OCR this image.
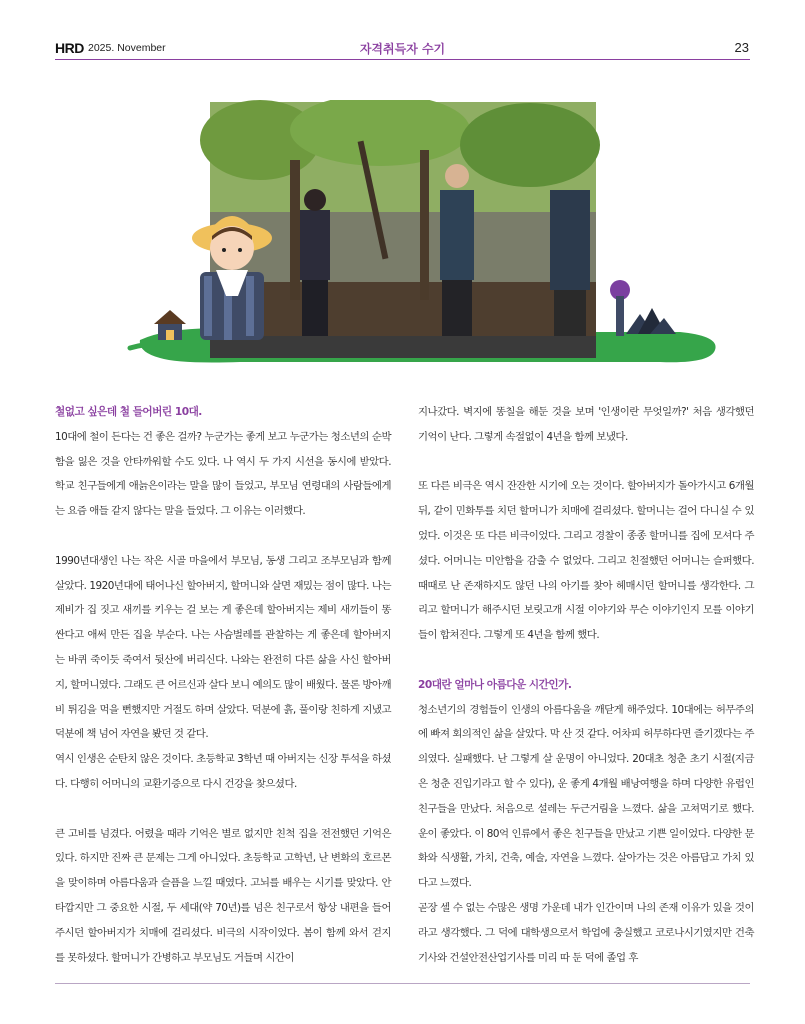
HRD 2025. November	자격취득자 수기	23
철없고 싶은데 철 들어버린 10대.

10대에 철이 든다는 건 좋은 걸까? 누군가는 좋게 보고 누군가는 청소년의 순박함을 잃은 것을 안타까워할 수도 있다. 나 역시 두 가지 시선을 동시에 받았다. 학교 친구들에게 애늙은이라는 말을 많이 들었고, 부모님 연령대의 사람들에게는 요즘 애들 같지 않다는 말을 들었다. 그 이유는 이러했다.

1990년대생인 나는 작은 시골 마을에서 부모님, 동생 그리고 조부모님과 함께 살았다. 1920년대에 태어나신 할아버지, 할머니와 살면 재밌는 점이 많다. 나는 제비가 집 짓고 새끼를 키우는 걸 보는 게 좋은데 할아버지는 제비 새끼들이 똥 싼다고 애써 만든 집을 부순다. 나는 사슴벌레를 관찰하는 게 좋은데 할아버지는 바퀴 죽이듯 죽여서 뒷산에 버리신다. 나와는 완전히 다른 삶을 사신 할아버지, 할머니였다. 그래도 큰 어르신과 살다 보니 예의도 많이 배웠다. 물론 방아깨비 튀김을 먹을 뻔했지만 거절도 하며 살았다. 덕분에 흙, 풀이랑 친하게 지냈고 덕분에 책 넘어 자연을 봤던 것 같다.

역시 인생은 순탄치 않은 것이다. 초등학교 3학년 때 아버지는 신장 투석을 하셨다. 다행히 어머니의 교환기증으로 다시 건강을 찾으셨다.

큰 고비를 넘겼다. 어렸을 때라 기억은 별로 없지만 친척 집을 전전했던 기억은 있다. 하지만 진짜 큰 문제는 그게 아니었다. 초등학교 고학년, 난 변화의 호르몬을 맞이하며 아름다움과 슬픔을 느낄 때였다. 고뇌를 배우는 시기를 맞았다. 안타깝지만 그 중요한 시절, 두 세대(약 70년)를 넘은 친구로서 항상 내편을 들어주시던 할아버지가 치매에 걸리셨다. 비극의 시작이었다. 봄이 함께 와서 걷지를 못하셨다. 할머니가 간병하고 부모님도 거들며 시간이

지나갔다. 벽지에 똥칠을 해둔 것을 보며 '인생이란 무엇일까?' 처음 생각했던 기억이 난다. 그렇게 속절없이 4년을 함께 보냈다.

또 다른 비극은 역시 잔잔한 시기에 오는 것이다. 할아버지가 돌아가시고 6개월 뒤, 같이 민화투를 치던 할머니가 치매에 걸리셨다. 할머니는 걸어 다니실 수 있었다. 이것은 또 다른 비극이었다. 그리고 경찰이 종종 할머니를 집에 모셔다 주셨다. 어머니는 미안함을 감출 수 없었다. 그리고 친절했던 어머니는 슬퍼했다. 때때로 난 존재하지도 않던 나의 아기를 찾아 헤매시던 할머니를 생각한다. 그리고 할머니가 해주시던 보릿고개 시절 이야기와 무슨 이야기인지 모를 이야기들이 합쳐진다. 그렇게 또 4년을 함께 했다.

20대란 얼마나 아름다운 시간인가.

청소년기의 경험들이 인생의 아름다움을 깨닫게 해주었다. 10대에는 허무주의에 빠져 회의적인 삶을 살았다. 막 산 것 같다. 어차피 허무하다면 즐기겠다는 주의였다. 실패했다. 난 그렇게 살 운명이 아니었다. 20대초 청춘 초기 시절(지금은 청춘 진입기라고 할 수 있다), 운 좋게 4개월 배낭여행을 하며 다양한 유럽인 친구들을 만났다. 처음으로 설레는 두근거림을 느꼈다. 삶을 고쳐먹기로 했다. 운이 좋았다. 이 80억 인류에서 좋은 친구들을 만났고 기쁜 일이었다. 다양한 문화와 식생활, 가치, 건축, 예술, 자연을 느꼈다. 살아가는 것은 아름답고 가치 있다고 느꼈다.

곧장 셀 수 없는 수많은 생명 가운데 내가 인간이며 나의 존재 이유가 있을 것이라고 생각했다. 그 덕에 대학생으로서 학업에 충실했고 코로나시기였지만 건축기사와 건설안전산업기사를 미리 따 둔 덕에 졸업 후
